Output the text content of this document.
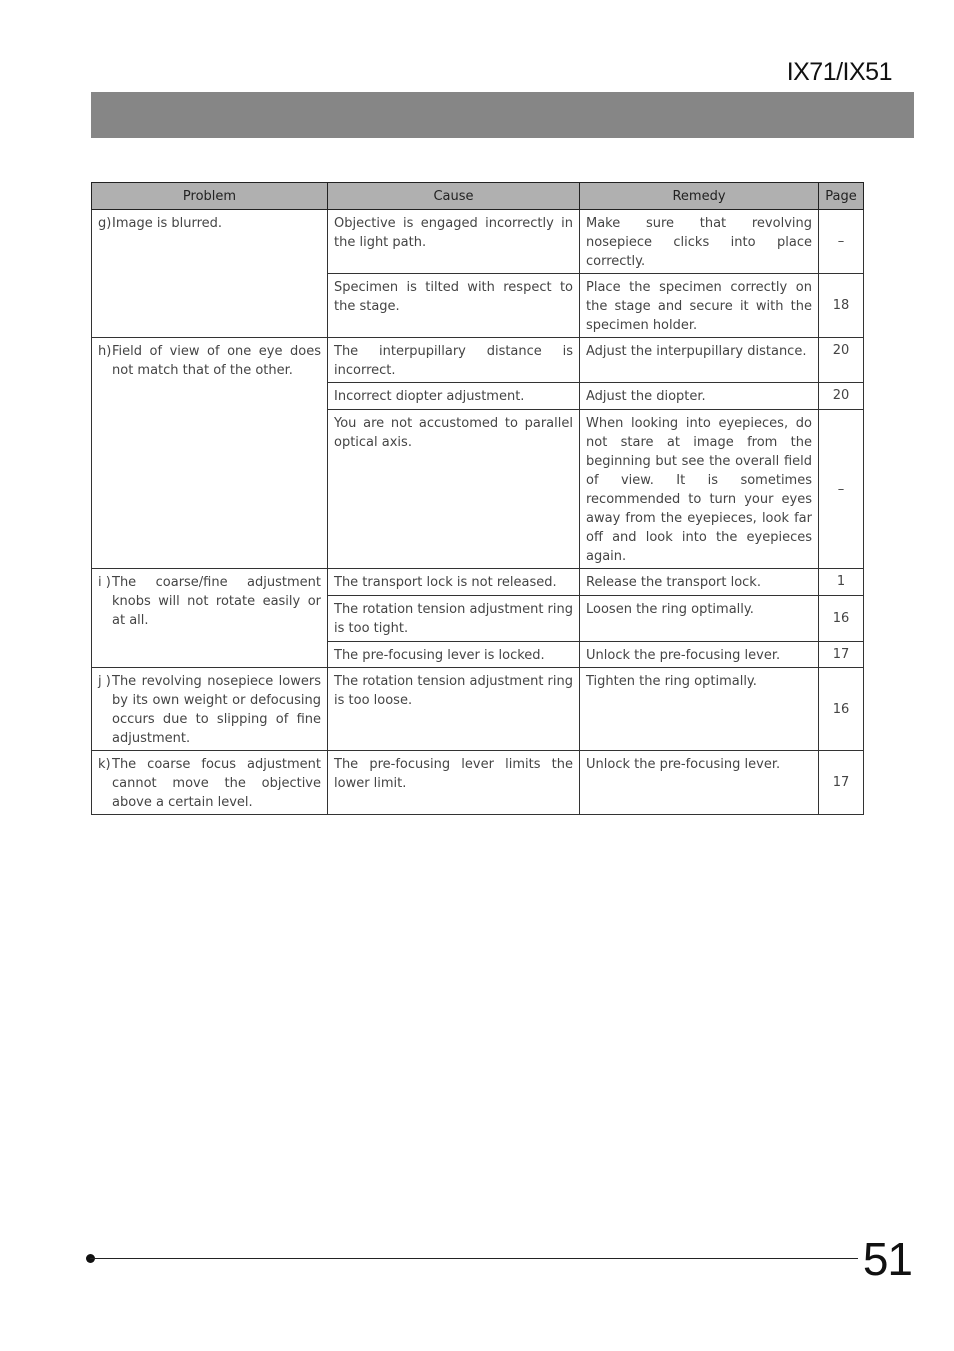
IX71/IX51
Problem	Cause	Remedy	Page

g) Image is blurred.	Objective is engaged incorrectly in the light path.	Make sure that revolving nosepiece clicks into place correctly.	–
	Specimen is tilted with respect to the stage.	Place the specimen correctly on the stage and secure it with the specimen holder.	18

h) Field of view of one eye does not match that of the other.	The interpupillary distance is incorrect.	Adjust the interpupillary distance.	20
	Incorrect diopter adjustment.	Adjust the diopter.	20
	You are not accustomed to parallel optical axis.	When looking into eyepieces, do not stare at image from the beginning but see the overall field of view. It is sometimes recommended to turn your eyes away from the eyepieces, look far off and look into the eyepieces again.	–

i ) The coarse/fine adjustment knobs will not rotate easily or at all.	The transport lock is not released.	Release the transport lock.	1
	The rotation tension adjustment ring is too tight.	Loosen the ring optimally.	16
	The pre-focusing lever is locked.	Unlock the pre-focusing lever.	17

j ) The revolving nosepiece lowers by its own weight or defocusing occurs due to slipping of fine adjustment.	The rotation tension adjustment ring is too loose.	Tighten the ring optimally.	16

k) The coarse focus adjustment cannot move the objective above a certain level.	The pre-focusing lever limits the lower limit.	Unlock the pre-focusing lever.	17
51
